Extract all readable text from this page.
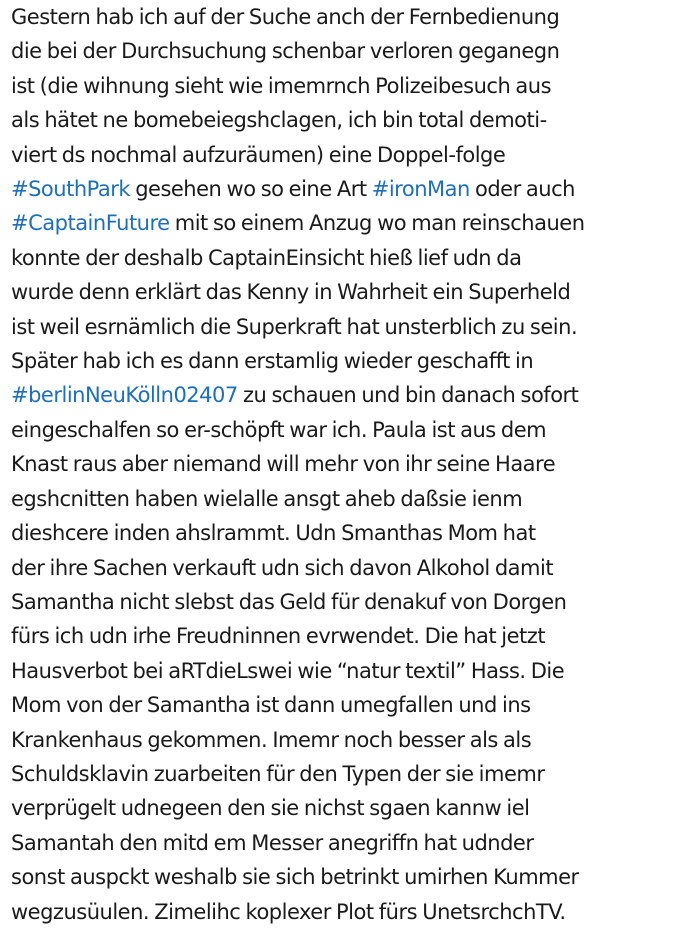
Gestern hab ich auf der Suche anch der Fernbedienung
die bei der Durchsuchung schenbar verloren geganegn
ist (die wihnung sieht wie imemrnch Polizeibesuch aus
als hätet ne bomebeiegshclagen, ich bin total demoti-
viert ds nochmal aufzuräumen) eine Doppel-folge
#SouthPark gesehen wo so eine Art #ironMan oder auch
#CaptainFuture mit so einem Anzug wo man reinschauen
konnte der deshalb CaptainEinsicht hieß lief udn da
wurde denn erklärt das Kenny in Wahrheit ein Superheld
ist weil esrnämlich die Superkraft hat unsterblich zu sein.
Später hab ich es dann erstamlig wieder geschafft in
#berlinNeuKölln02407 zu schauen und bin danach sofort
eingeschalfen so er-schöpft war ich. Paula ist aus dem
Knast raus aber niemand will mehr von ihr seine Haare
egshcnitten haben wielalle ansgt aheb daßsie ienm
dieshcere inden ahslrammt. Udn Smanthas Mom hat
der ihre Sachen verkauft udn sich davon Alkohol damit
Samantha nicht slebst das Geld für denakuf von Dorgen
fürs ich udn irhe Freudninnen evrwendet. Die hat jetzt
Hausverbot bei aRTdieLswei wie “natur textil” Hass. Die
Mom von der Samantha ist dann umegfallen und ins
Krankenhaus gekommen. Imemr noch besser als als
Schuldsklavin zuarbeiten für den Typen der sie imemr
verprügelt udnegeen den sie nichst sgaen kannw iel
Samantah den mitd em Messer anegriffn hat udnder
sonst auspckt weshalb sie sich betrinkt umirhen Kummer
wegzusüulen. Zimelihc koplexer Plot fürs UnetsrchchTV.
